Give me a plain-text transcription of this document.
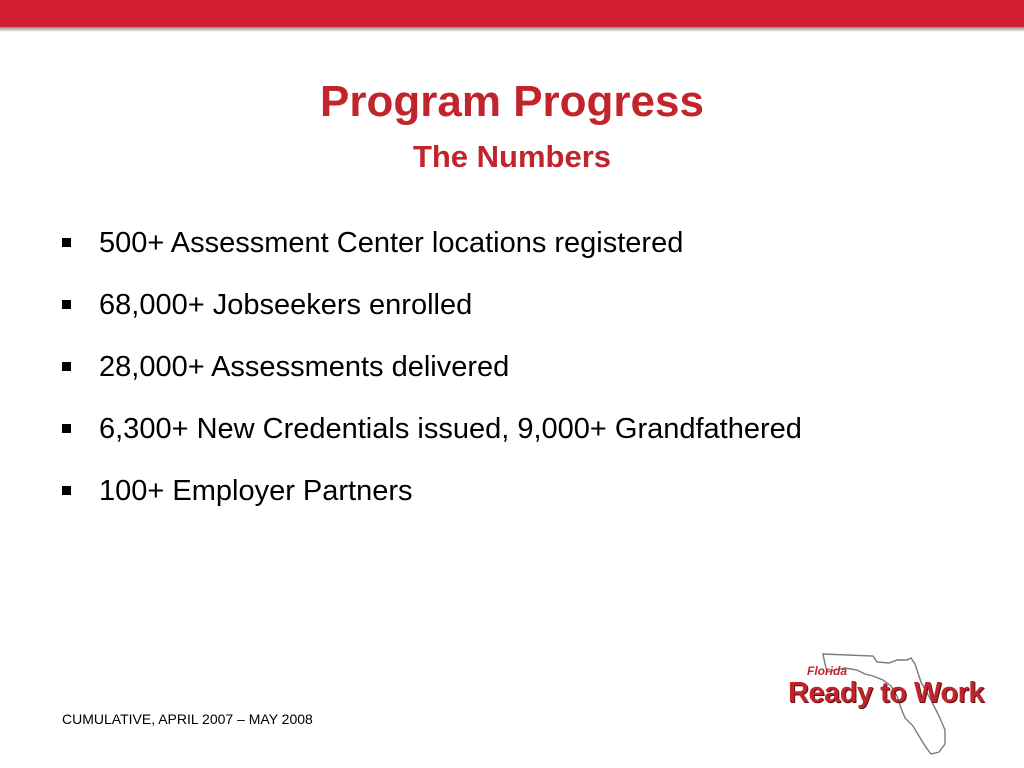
Program Progress
The Numbers
500+ Assessment Center locations registered
68,000+ Jobseekers enrolled
28,000+ Assessments delivered
6,300+ New Credentials issued, 9,000+ Grandfathered
100+ Employer Partners
CUMULATIVE, APRIL 2007 – MAY 2008
Florida
Ready to Work
